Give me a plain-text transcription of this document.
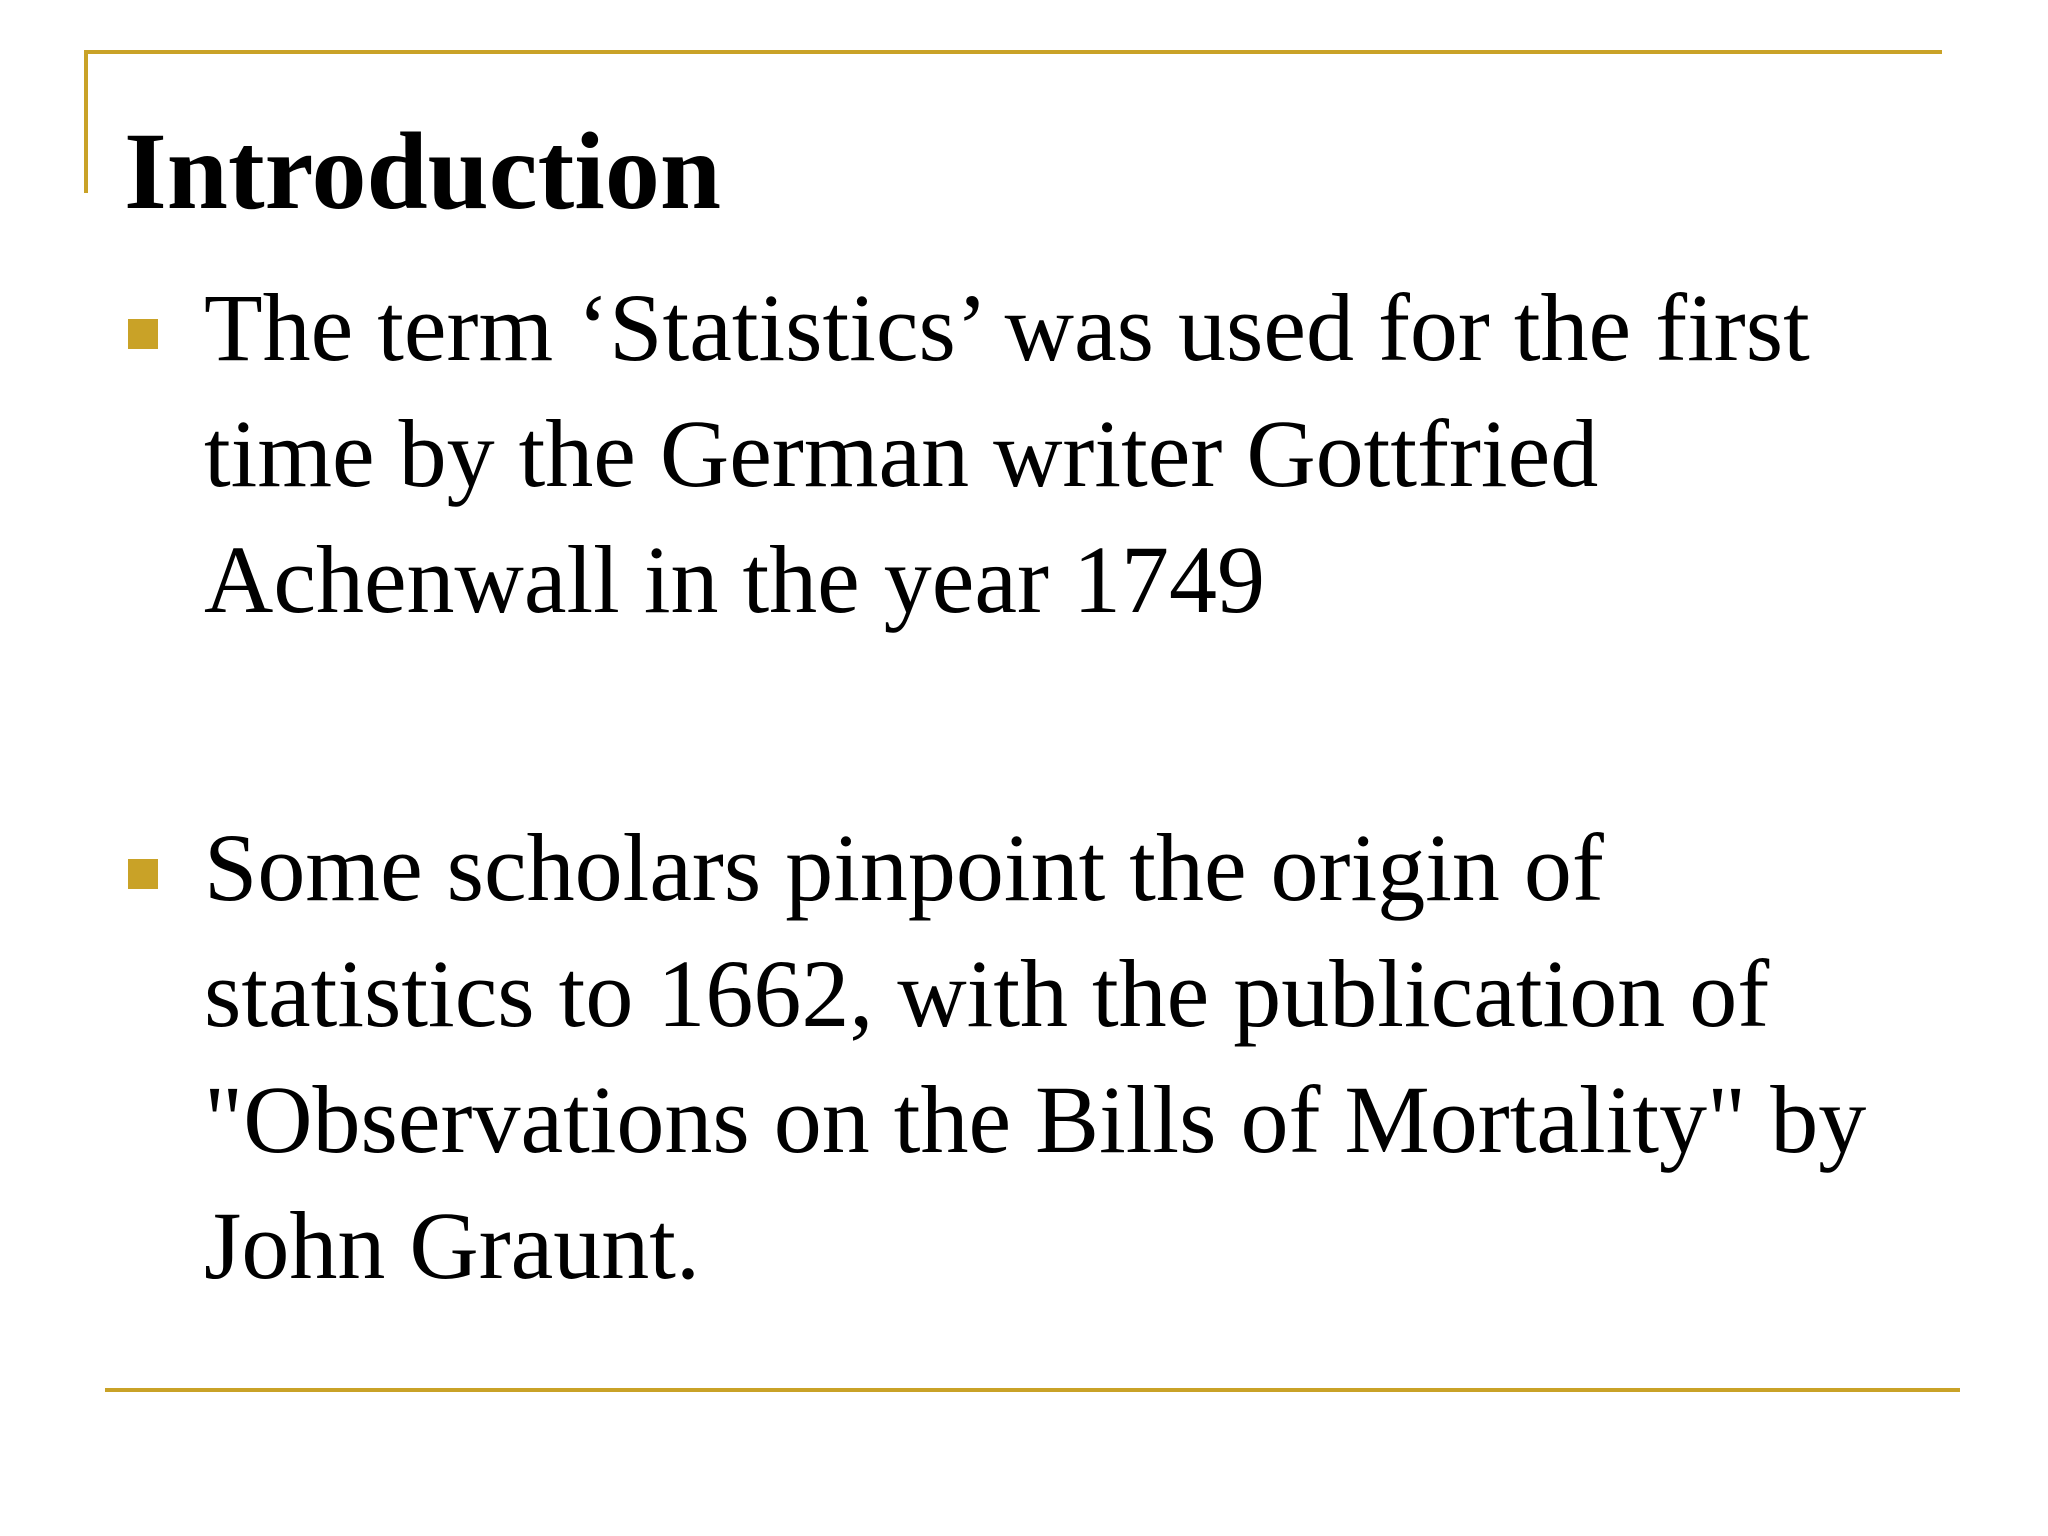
Introduction
The term ‘Statistics’ was used for the first time by the German writer Gottfried Achenwall in the year 1749
Some scholars pinpoint the origin of statistics to 1662, with the publication of "Observations on the Bills of Mortality" by John Graunt.
